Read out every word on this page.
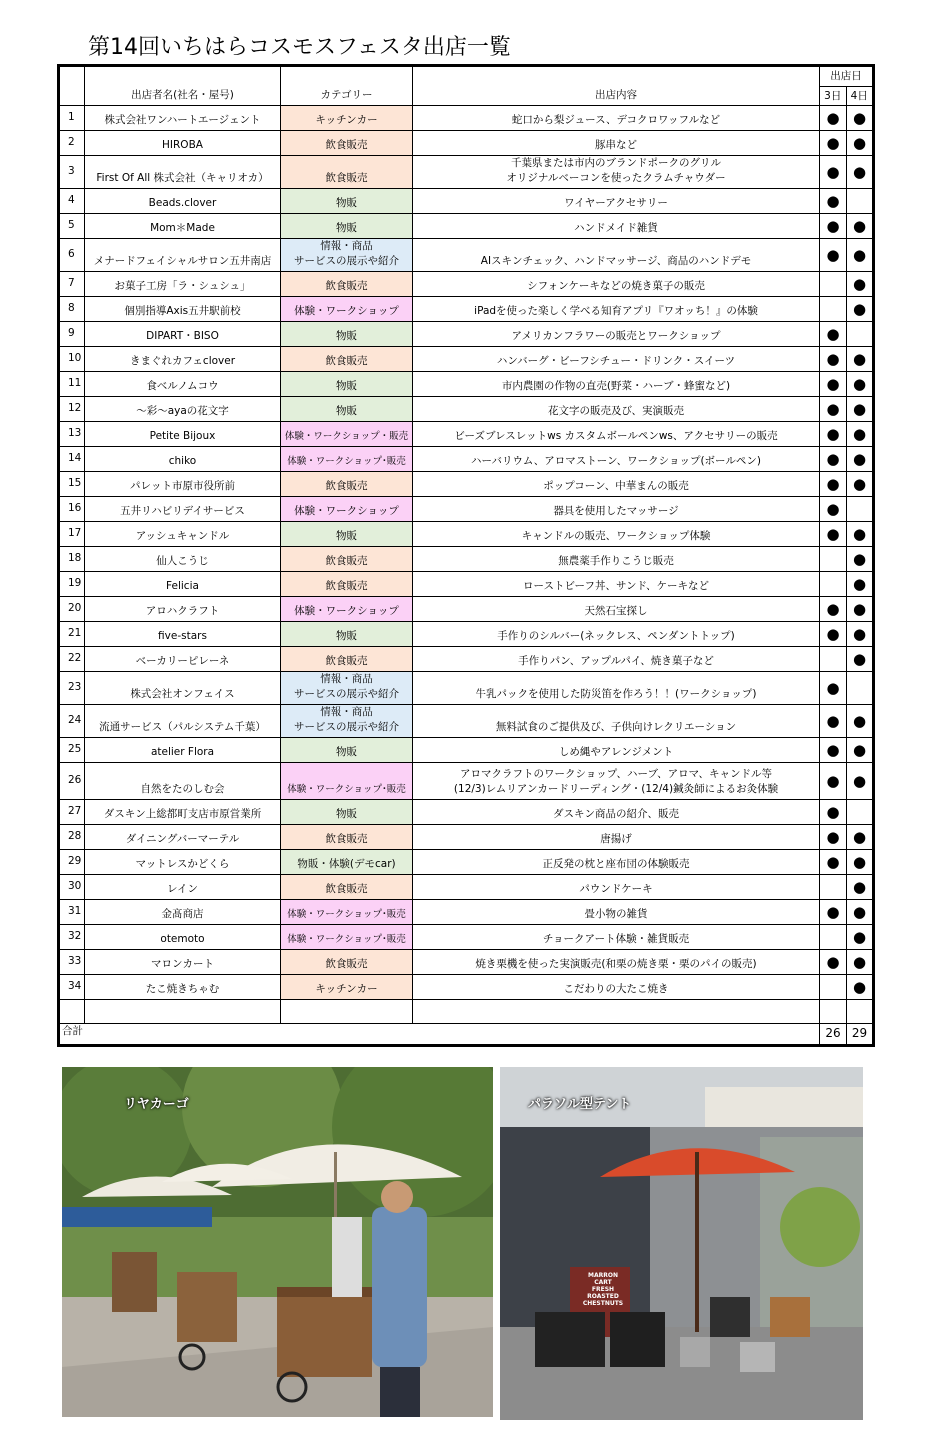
第14回いちはらコスモスフェスタ出店一覧
	出店者名(社名・屋号)	カテゴリー	出店内容	出店日
3日 4日	

1	株式会社ワンハートエージェント	キッチンカー	蛇口から梨ジュース、デコクロワッフルなど	●	●
2	HIROBA	飲食販売	豚串など	●	●
3	First Of All 株式会社（キャリオカ）	飲食販売	千葉県または市内のブランドポークのグリル
オリジナルベーコンを使ったクラムチャウダー	●	●
4	Beads.clover	物販	ワイヤーアクセサリー	●	
5	Mom＊Made	物販	ハンドメイド雑貨	●	●
6	メナードフェイシャルサロン五井南店	情報・商品
サービスの展示や紹介	AIスキンチェック、ハンドマッサージ、商品のハンドデモ	●	●
7	お菓子工房「ラ・シュシュ」	飲食販売	シフォンケーキなどの焼き菓子の販売		●
8	個別指導Axis五井駅前校	体験・ワークショップ	iPadを使った楽しく学べる知育アプリ『ワオッち！』の体験		●
9	DIPART・BISO	物販	アメリカンフラワーの販売とワークショップ	●	
10	きまぐれカフェclover	飲食販売	ハンバーグ・ビーフシチュー・ドリンク・スイーツ	●	●
11	食ベルノムコウ	物販	市内農園の作物の直売(野菜・ハーブ・蜂蜜など)	●	●
12	～彩～ayaの花文字	物販	花文字の販売及び、実演販売	●	●
13	Petite Bijoux	体験・ワークショップ・販売	ビーズブレスレットws カスタムボールペンws、アクセサリーの販売	●	●
14	chiko	体験・ワークショップ･販売	ハーバリウム、アロマストーン、ワークショップ(ボールペン)	●	●
15	パレット市原市役所前	飲食販売	ポップコーン、中華まんの販売	●	●
16	五井リハビリデイサービス	体験・ワークショップ	器具を使用したマッサージ	●	
17	アッシュキャンドル	物販	キャンドルの販売、ワークショップ体験	●	●
18	仙人こうじ	飲食販売	無農薬手作りこうじ販売		●
19	Felicia	飲食販売	ローストビーフ丼、サンド、ケーキなど		●
20	アロハクラフト	体験・ワークショップ	天然石宝探し	●	●
21	five-stars	物販	手作りのシルバー(ネックレス、ペンダントトップ)	●	●
22	ベーカリーピレーネ	飲食販売	手作りパン、アップルパイ、焼き菓子など		●
23	株式会社オンフェイス	情報・商品
サービスの展示や紹介	牛乳パックを使用した防災笛を作ろう！！(ワークショップ)	●	
24	流通サービス（パルシステム千葉）	情報・商品
サービスの展示や紹介	無料試食のご提供及び、子供向けレクリエーション	●	●
25	atelier Flora	物販	しめ縄やアレンジメント	●	●
26	自然をたのしむ会	体験・ワークショップ･販売	アロマクラフトのワークショップ、ハーブ、アロマ、キャンドル等
(12/3)レムリアンカードリーディング・(12/4)鍼灸師によるお灸体験	●	●
27	ダスキン上総都町支店市原営業所	物販	ダスキン商品の紹介、販売	●	
28	ダイニングバーマーテル	飲食販売	唐揚げ	●	●
29	マットレスかどくら	物販・体験(デモcar)	正反発の枕と座布団の体験販売	●	●
30	レイン	飲食販売	パウンドケーキ		●
31	金髙商店	体験・ワークショップ･販売	畳小物の雑貨	●	●
32	otemoto	体験・ワークショップ･販売	チョークアート体験・雑貨販売		●
33	マロンカート	飲食販売	焼き栗機を使った実演販売(和栗の焼き栗・栗のパイの販売)	●	●
34	たこ焼きちゃむ	キッチンカー	こだわりの大たこ焼き		●

合計				26	29
リヤカーゴ
MARRON
CART
FRESH
ROASTED
CHESTNUTS
パラソル型テント
